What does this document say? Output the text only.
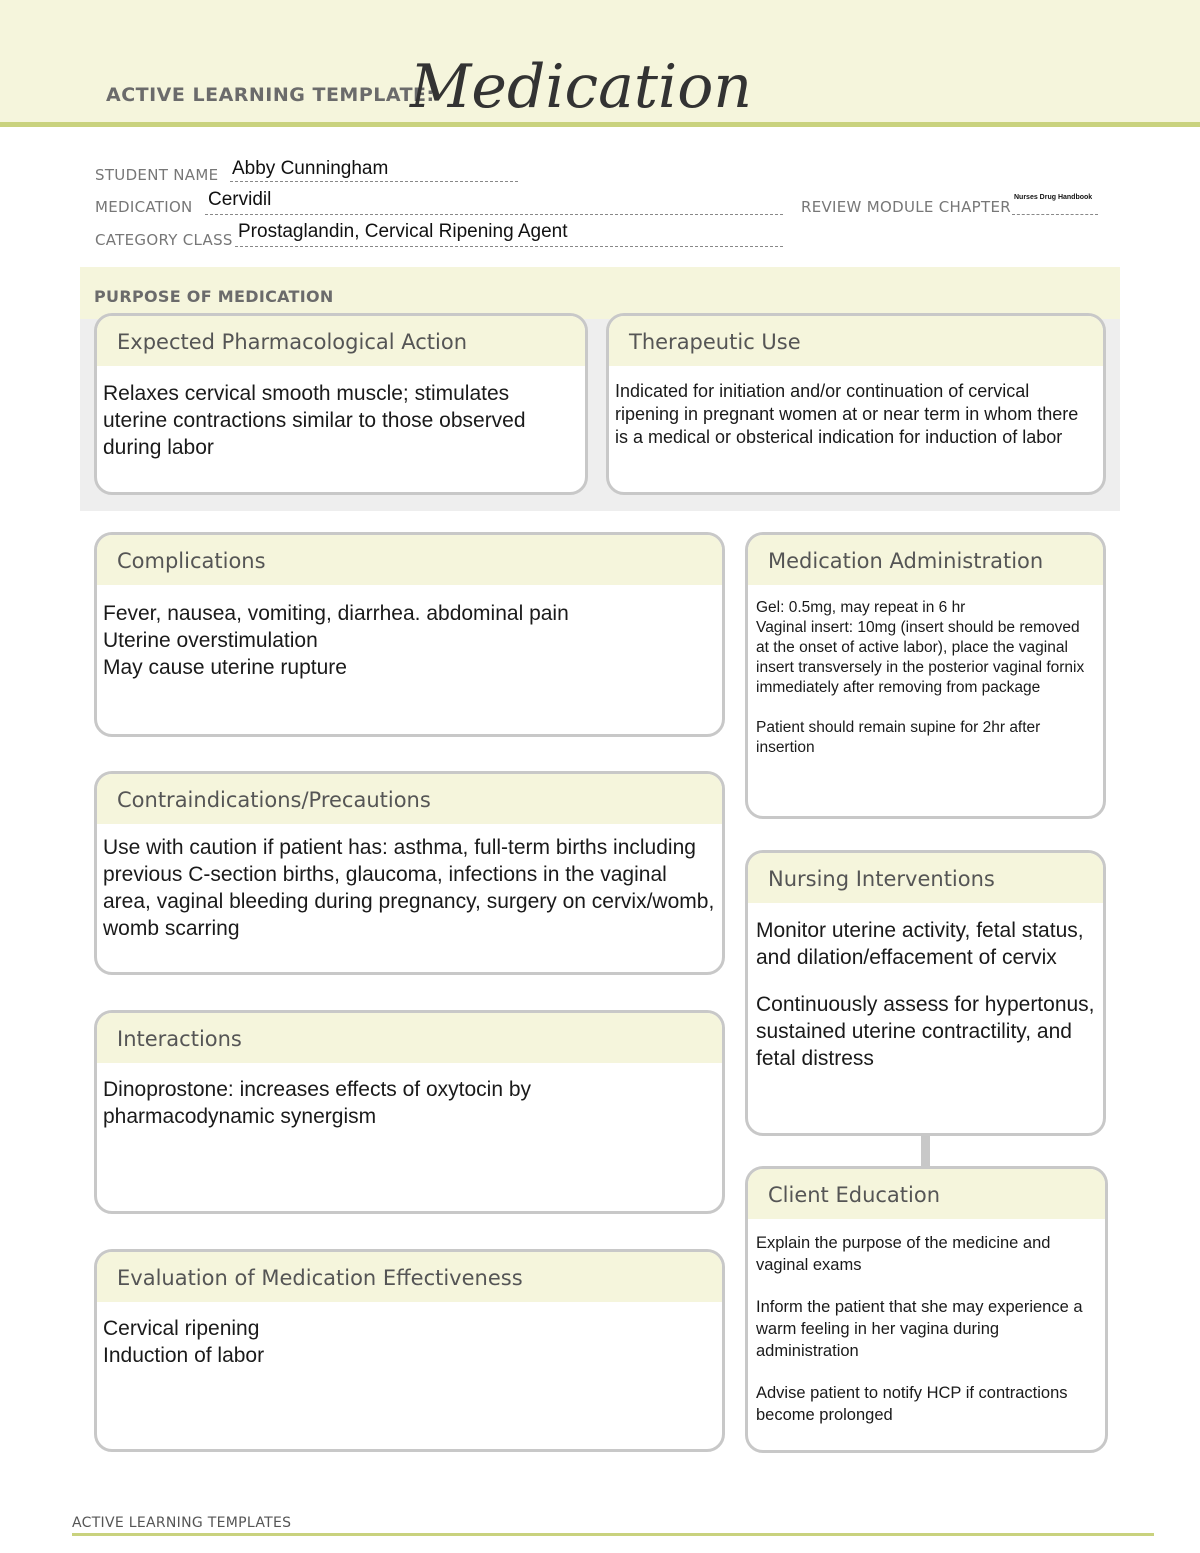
ACTIVE LEARNING TEMPLATE:
Medication
STUDENT NAME Abby Cunningham
MEDICATION Cervidil	REVIEW MODULE CHAPTER
Nurses Drug Handbook
CATEGORY CLASS Prostaglandin, Cervical Ripening Agent
PURPOSE OF MEDICATION
Expected Pharmacological Action
Relaxes cervical smooth muscle; stimulates uterine contractions similar to those observed during labor
Therapeutic Use
Indicated for initiation and/or continuation of cervical ripening in pregnant women at or near term in whom there is a medical or obsterical indication for induction of labor
Complications

Fever, nausea, vomiting, diarrhea. abdominal pain

Uterine overstimulation

May cause uterine rupture

Contraindications/Precautions
Use with caution if patient has: asthma, full-term births including previous C-section births, glaucoma, infections in the vaginal area, vaginal bleeding during pregnancy, surgery on cervix/womb, womb scarring
Interactions
Dinoprostone: increases effects of oxytocin by pharmacodynamic synergism
Evaluation of Medication Effectiveness

Cervical ripening

Induction of labor

Medication Administration

Gel: 0.5mg, may repeat in 6 hr

Vaginal insert: 10mg (insert should be removed at the onset of active labor), place the vaginal insert transversely in the posterior vaginal fornix immediately after removing from package

Patient should remain supine for 2hr after insertion

Nursing Interventions

Monitor uterine activity, fetal status, and dilation/effacement of cervix

Continuously assess for hypertonus, sustained uterine contractility, and fetal distress

Client Education

Explain the purpose of the medicine and vaginal exams

Inform the patient that she may experience a warm feeling in her vagina during administration

Advise patient to notify HCP if contractions become prolonged

ACTIVE LEARNING TEMPLATES
